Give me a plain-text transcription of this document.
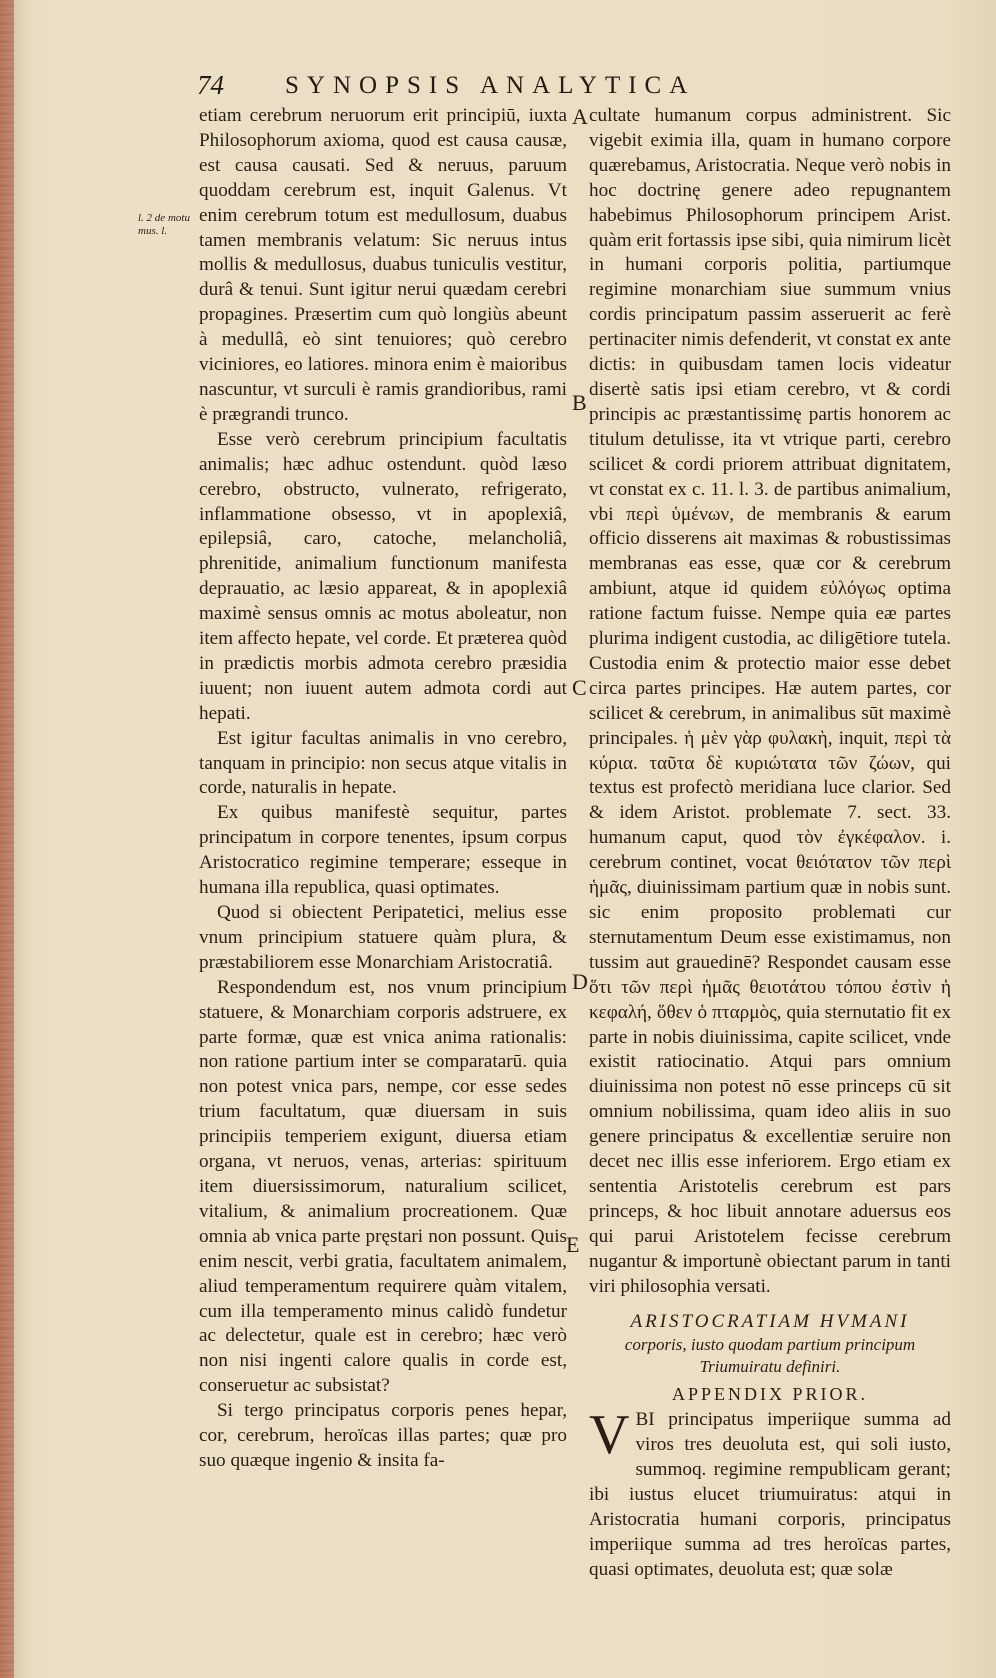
74 SYNOPSIS ANALYTICA
l. 2 de motu mus. l.
A
B
C
D
E

etiam cerebrum neruorum erit principiū, iuxta Philosophorum axioma, quod est causa causæ, est causa causati. Sed & neruus, paruum quoddam cerebrum est, inquit Galenus. Vt enim cerebrum totum est medullosum, duabus tamen membranis velatum: Sic neruus intus mollis & medullosus, duabus tuniculis vestitur, durâ & tenui. Sunt igitur nerui quædam cerebri propagines. Præsertim cum quò longiùs abeunt à medullâ, eò sint tenuiores; quò cerebro viciniores, eo latiores. minora enim è maioribus nascuntur, vt surculi è ramis grandioribus, rami è prægrandi trunco.

Esse verò cerebrum principium facultatis animalis; hæc adhuc ostendunt. quòd læso cerebro, obstructo, vulnerato, refrigerato, inflammatione obsesso, vt in apoplexiâ, epilepsiâ, caro, catoche, melancholiâ, phrenitide, animalium functionum manifesta deprauatio, ac læsio appareat, & in apoplexiâ maximè sensus omnis ac motus aboleatur, non item affecto hepate, vel corde. Et præterea quòd in prædictis morbis admota cerebro præsidia iuuent; non iuuent autem admota cordi aut hepati.

Est igitur facultas animalis in vno cerebro, tanquam in principio: non secus atque vitalis in corde, naturalis in hepate.

Ex quibus manifestè sequitur, partes principatum in corpore tenentes, ipsum corpus Aristocratico regimine temperare; esseque in humana illa republica, quasi optimates.

Quod si obiectent Peripatetici, melius esse vnum principium statuere quàm plura, & præstabiliorem esse Monarchiam Aristocratiâ.

Respondendum est, nos vnum principium statuere, & Monarchiam corporis adstruere, ex parte formæ, quæ est vnica anima rationalis: non ratione partium inter se comparatarū. quia non potest vnica pars, nempe, cor esse sedes trium facultatum, quæ diuersam in suis principiis temperiem exigunt, diuersa etiam organa, vt neruos, venas, arterias: spirituum item diuersissimorum, naturalium scilicet, vitalium, & animalium procreationem. Quæ omnia ab vnica parte pręstari non possunt. Quis enim nescit, verbi gratia, facultatem animalem, aliud temperamentum requirere quàm vitalem, cum illa temperamento minus calidò fundetur ac delectetur, quale est in cerebro; hæc verò non nisi ingenti calore qualis in corde est, conseruetur ac subsistat?

Si tergo principatus corporis penes hepar, cor, cerebrum, heroïcas illas partes; quæ pro suo quæque ingenio & insita fa-

cultate humanum corpus administrent. Sic vigebit eximia illa, quam in humano corpore quærebamus, Aristocratia. Neque verò nobis in hoc doctrinę genere adeo repugnantem habebimus Philosophorum principem Arist. quàm erit fortassis ipse sibi, quia nimirum licèt in humani corporis politia, partiumque regimine monarchiam siue summum vnius cordis principatum passim asseruerit ac ferè pertinaciter nimis defenderit, vt constat ex ante dictis: in quibusdam tamen locis videatur disertè satis ipsi etiam cerebro, vt & cordi principis ac præstantissimę partis honorem ac titulum detulisse, ita vt vtrique parti, cerebro scilicet & cordi priorem attribuat dignitatem, vt constat ex c. 11. l. 3. de partibus animalium, vbi περὶ ὑμένων, de membranis & earum officio disserens ait maximas & robustissimas membranas eas esse, quæ cor & cerebrum ambiunt, atque id quidem εὐλόγως optima ratione factum fuisse. Nempe quia eæ partes plurima indigent custodia, ac diligētiore tutela. Custodia enim & protectio maior esse debet circa partes principes. Hæ autem partes, cor scilicet & cerebrum, in animalibus sūt maximè principales. ἡ μὲν γὰρ φυλακὴ, inquit, περὶ τὰ κύρια. ταῦτα δὲ κυριώτατα τῶν ζώων, qui textus est profectò meridiana luce clarior. Sed & idem Aristot. problemate 7. sect. 33. humanum caput, quod τὸν ἐγκέφαλον. i. cerebrum continet, vocat θειότατον τῶν περὶ ἡμᾶς, diuinissimam partium quæ in nobis sunt. sic enim proposito problemati cur sternutamentum Deum esse existimamus, non tussim aut grauedinē? Respondet causam esse ὅτι τῶν περὶ ἡμᾶς θειοτάτου τόπου ἐστὶν ἡ κεφαλή, ὅθεν ὁ πταρμὸς, quia sternutatio fit ex parte in nobis diuinissima, capite scilicet, vnde existit ratiocinatio. Atqui pars omnium diuinissima non potest nō esse princeps cū sit omnium nobilissima, quam ideo aliis in suo genere principatus & excellentiæ seruire non decet nec illis esse inferiorem. Ergo etiam ex sententia Aristotelis cerebrum est pars princeps, & hoc libuit annotare aduersus eos qui parui Aristotelem fecisse cerebrum nugantur & importunè obiectant parum in tanti viri philosophia versati.

ARISTOCRATIAM HVMANI

corporis, iusto quodam partium principum

Triumuiratu definiri.

APPENDIX PRIOR.

V BI principatus imperiique summa ad viros tres deuoluta est, qui soli iusto, summoq. regimine rempublicam gerant; ibi iustus elucet triumuiratus: atqui in Aristocratia humani corporis, principatus imperiique summa ad tres heroïcas partes, quasi optimates, deuoluta est; quæ solæ
